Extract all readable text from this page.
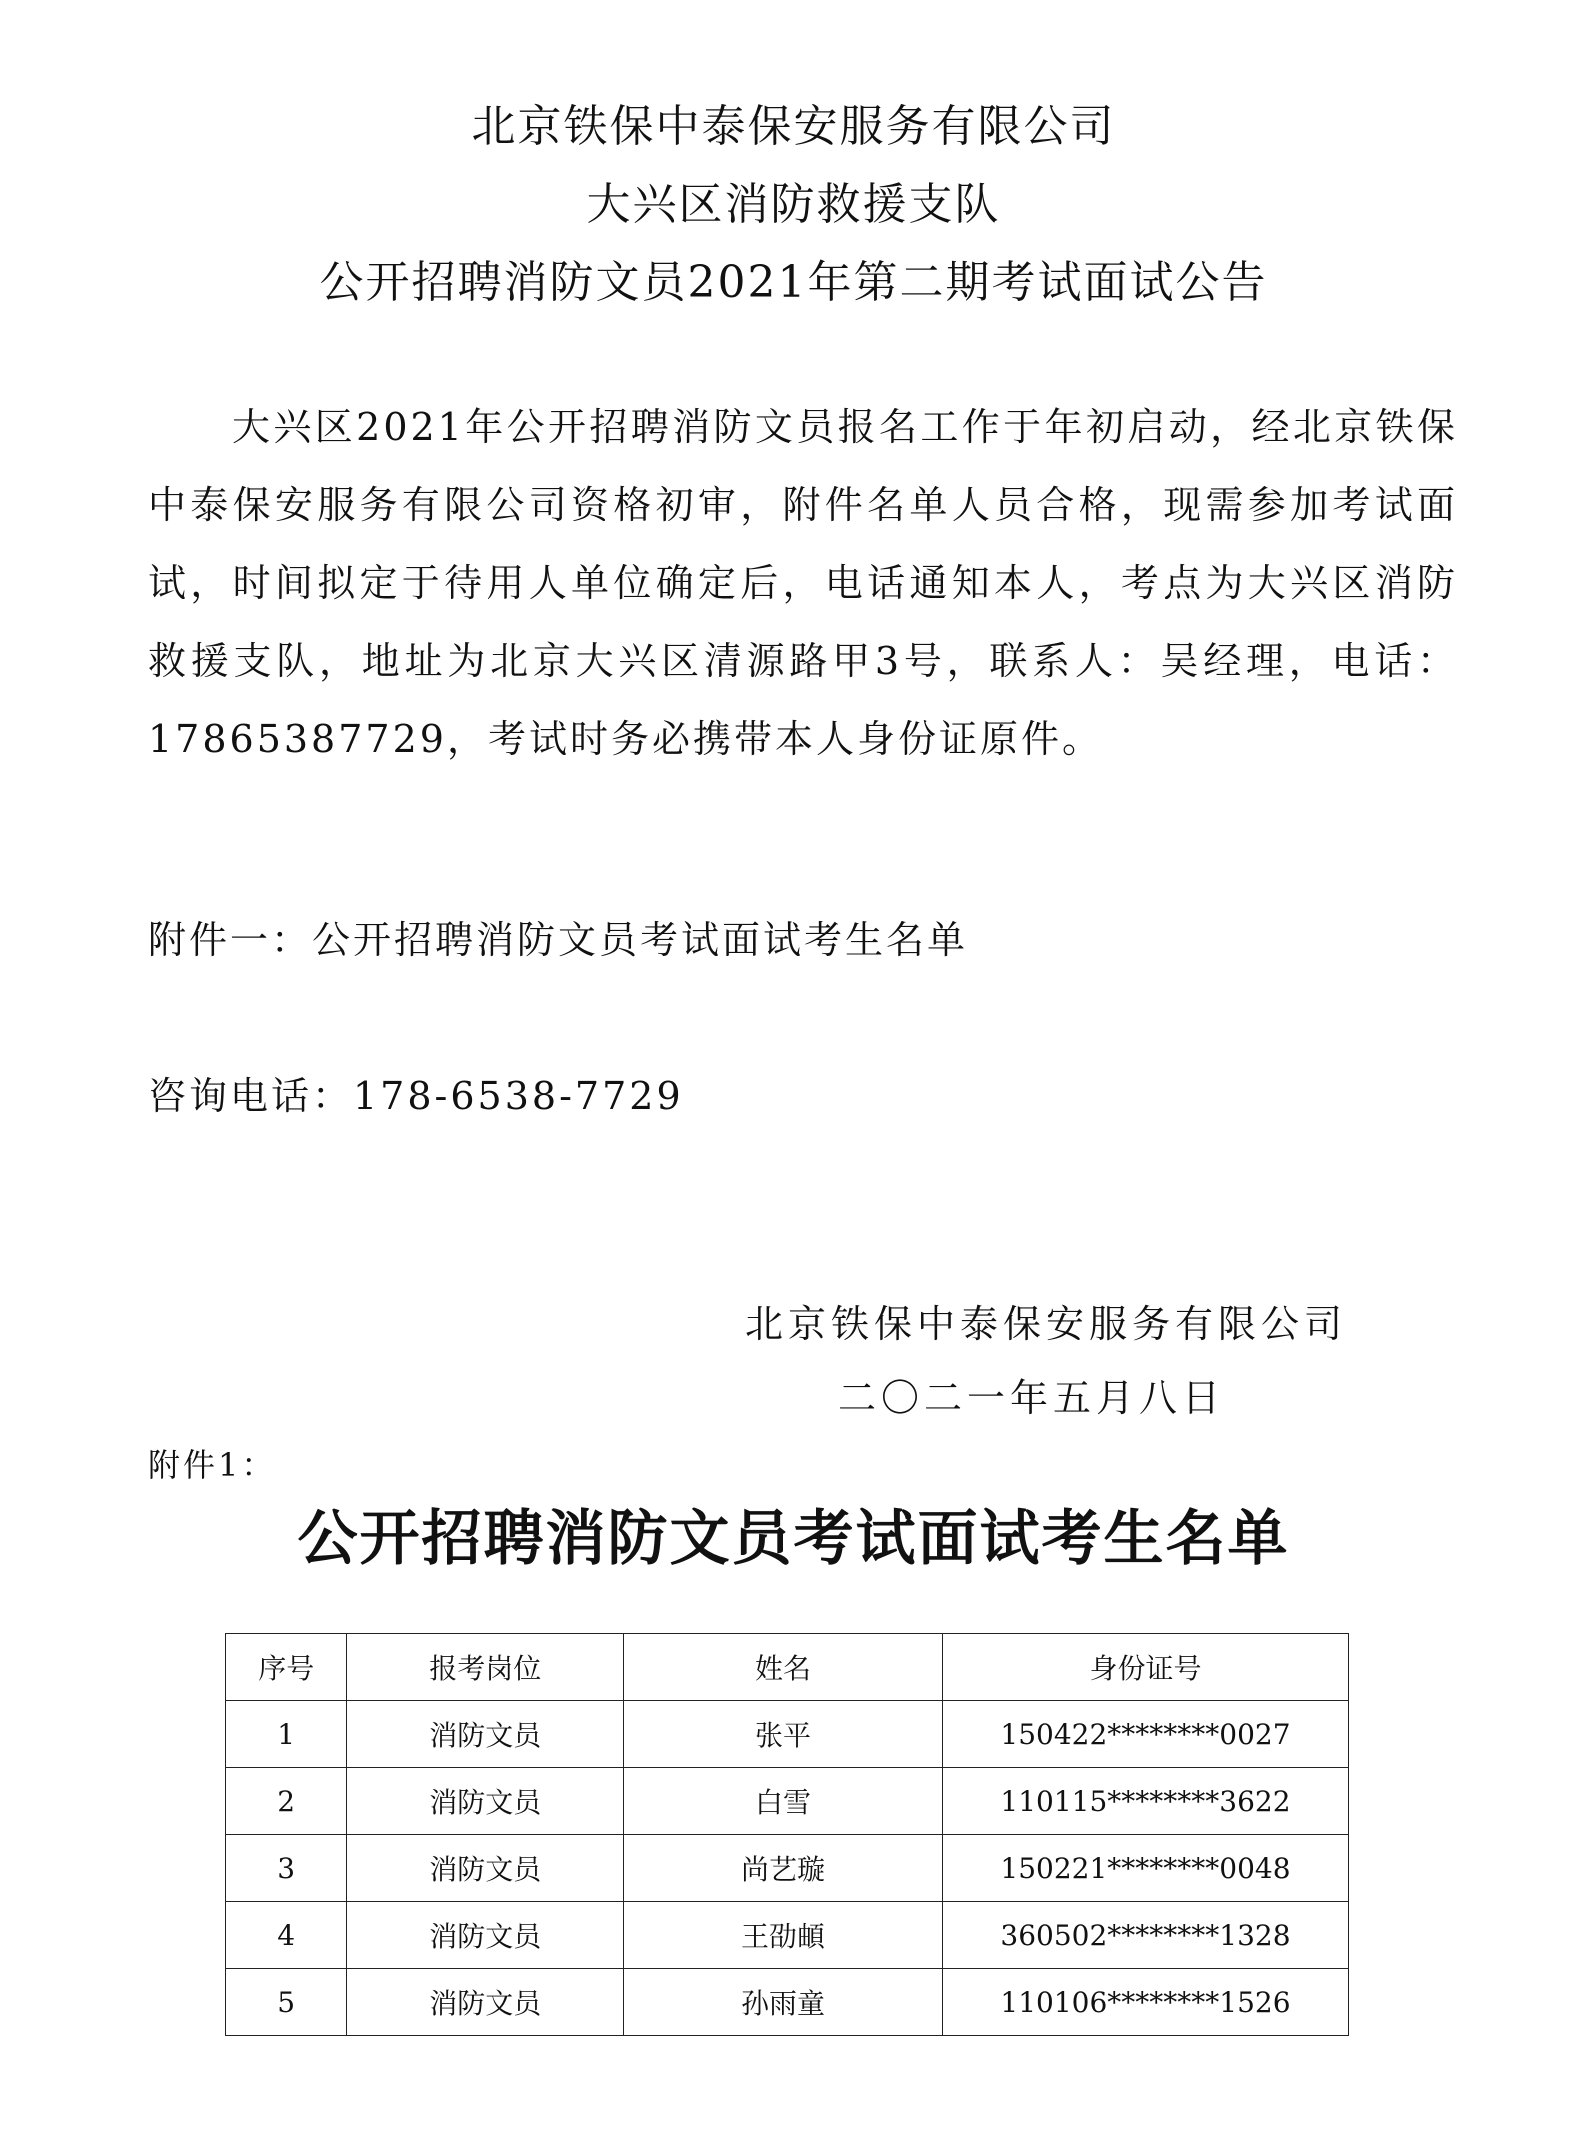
北京铁保中泰保安服务有限公司
大兴区消防救援支队
公开招聘消防文员2021年第二期考试面试公告
大兴区2021年公开招聘消防文员报名工作于年初启动，经北京铁保中泰保安服务有限公司资格初审，附件名单人员合格，现需参加考试面试，时间拟定于待用人单位确定后，电话通知本人，考点为大兴区消防救援支队，地址为北京大兴区清源路甲3号，联系人：吴经理，电话：17865387729，考试时务必携带本人身份证原件。
附件一：公开招聘消防文员考试面试考生名单
咨询电话：178-6538-7729
北京铁保中泰保安服务有限公司
二〇二一年五月八日
附件1：
公开招聘消防文员考试面试考生名单
序号	报考岗位	姓名	身份证号
1	消防文员	张平	150422********0027
2	消防文员	白雪	110115********3622
3	消防文员	尚艺璇	150221********0048
4	消防文员	王劭頔	360502********1328
5	消防文员	孙雨童	110106********1526
